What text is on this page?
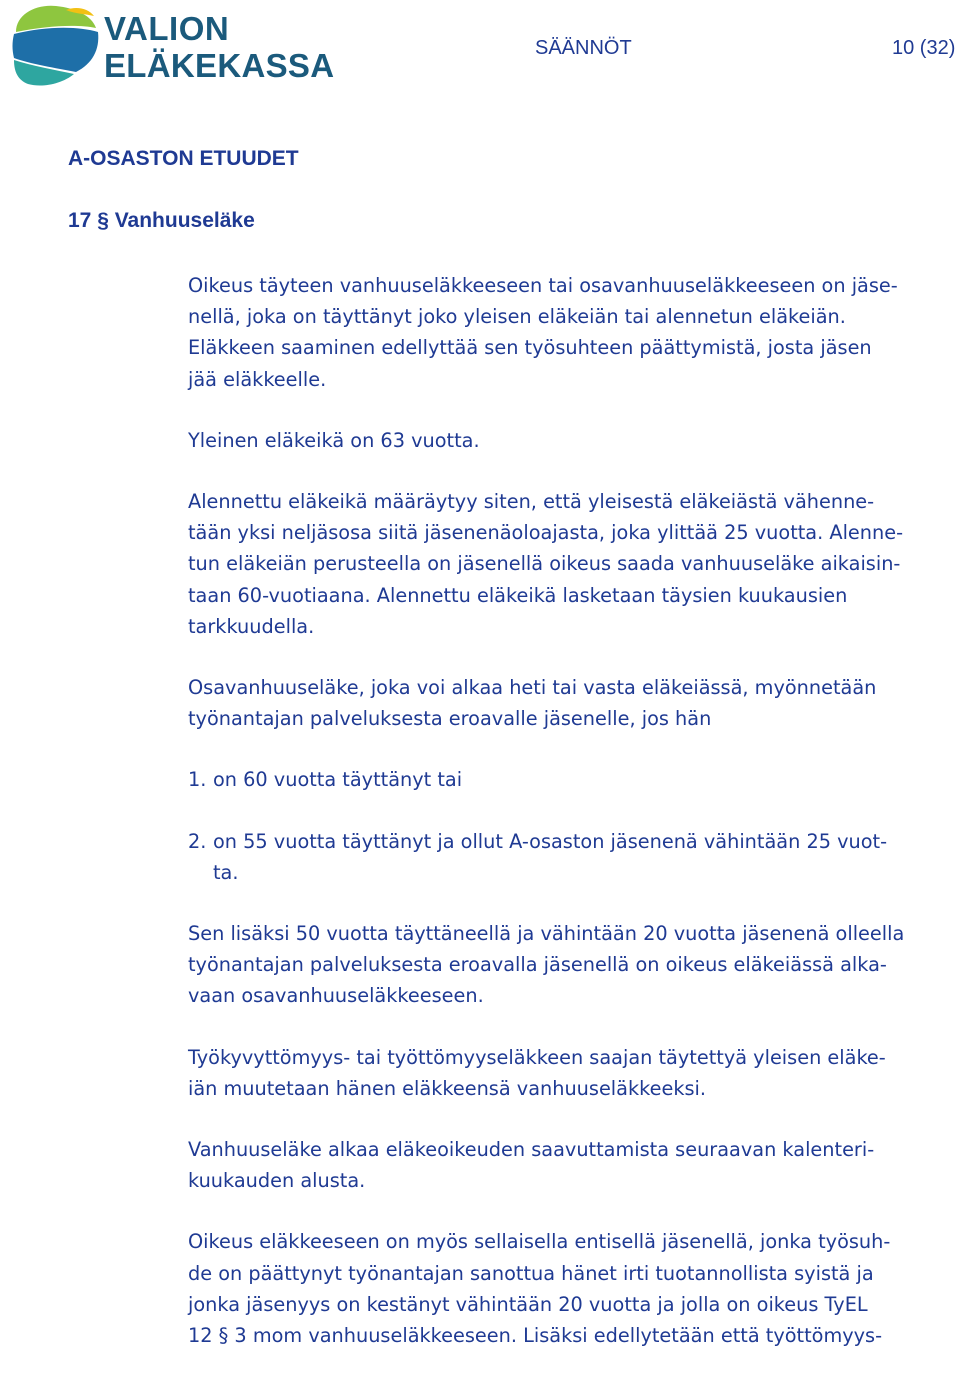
VALION
ELÄKEKASSA	SÄÄNNÖT	10 (32)
A-OSASTON ETUUDET
17 § Vanhuuseläke
Oikeus täyteen vanhuuseläkkeeseen tai osavanhuuseläkkeeseen on jäse-
nellä, joka on täyttänyt joko yleisen eläkeiän tai alennetun eläkeiän.
Eläkkeen saaminen edellyttää sen työsuhteen päättymistä, josta jäsen
jää eläkkeelle.
Yleinen eläkeikä on 63 vuotta.
Alennettu eläkeikä määräytyy siten, että yleisestä eläkeiästä vähenne-
tään yksi neljäsosa siitä jäsenenäoloajasta, joka ylittää 25 vuotta. Alenne-
tun eläkeiän perusteella on jäsenellä oikeus saada vanhuuseläke aikaisin-
taan 60-vuotiaana. Alennettu eläkeikä lasketaan täysien kuukausien
tarkkuudella.
Osavanhuuseläke, joka voi alkaa heti tai vasta eläkeiässä, myönnetään
työnantajan palveluksesta eroavalle jäsenelle, jos hän
1. on 60 vuotta täyttänyt tai
2. on 55 vuotta täyttänyt ja ollut A-osaston jäsenenä vähintään 25 vuot-
ta.
Sen lisäksi 50 vuotta täyttäneellä ja vähintään 20 vuotta jäsenenä olleella
työnantajan palveluksesta eroavalla jäsenellä on oikeus eläkeiässä alka-
vaan osavanhuuseläkkeeseen.
Työkyvyttömyys- tai työttömyyseläkkeen saajan täytettyä yleisen eläke-
iän muutetaan hänen eläkkeensä vanhuuseläkkeeksi.
Vanhuuseläke alkaa eläkeoikeuden saavuttamista seuraavan kalenteri-
kuukauden alusta.
Oikeus eläkkeeseen on myös sellaisella entisellä jäsenellä, jonka työsuh-
de on päättynyt työnantajan sanottua hänet irti tuotannollista syistä ja
jonka jäsenyys on kestänyt vähintään 20 vuotta ja jolla on oikeus TyEL
12 § 3 mom vanhuuseläkkeeseen. Lisäksi edellytetään että työttömyys-
